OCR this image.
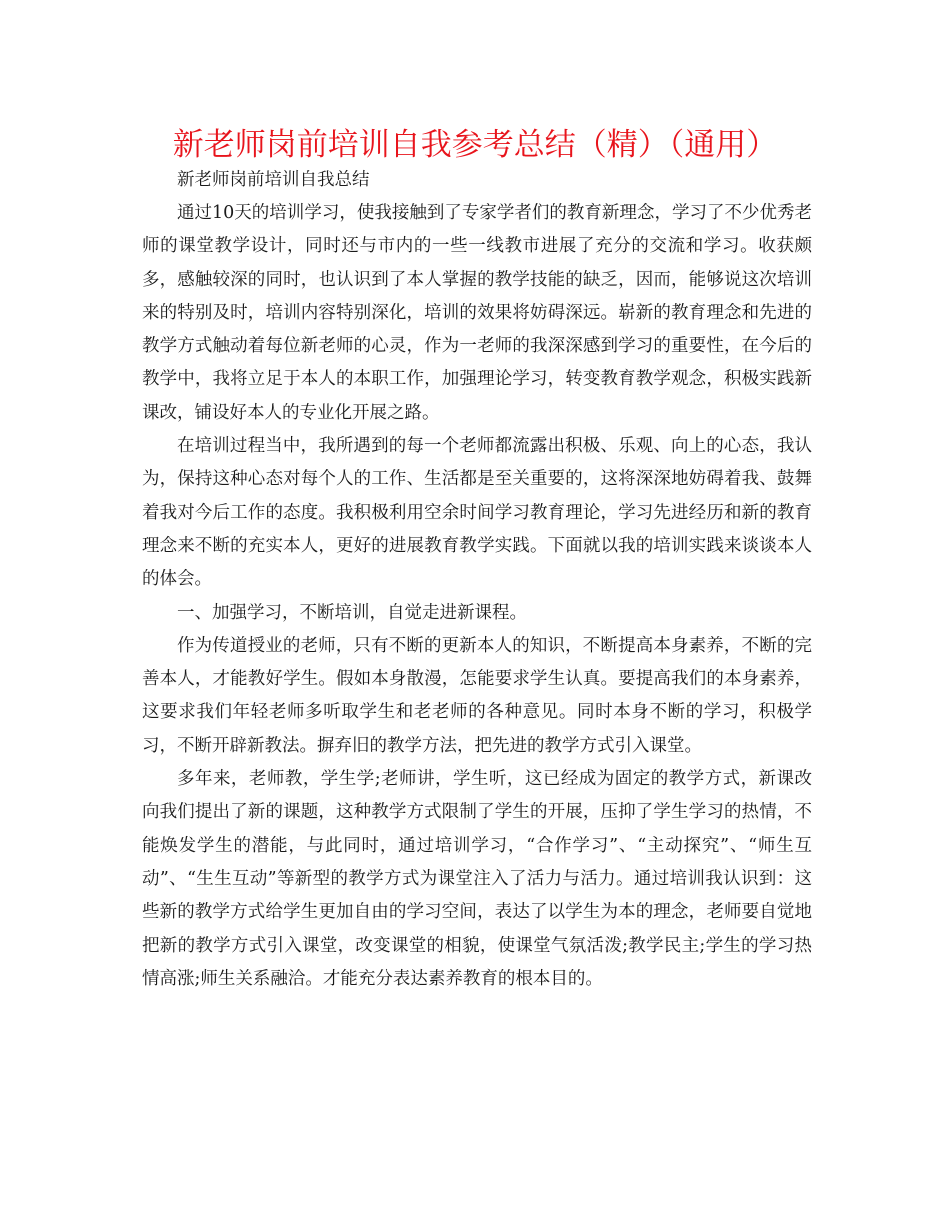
新老师岗前培训自我参考总结（精）（通用）

新老师岗前培训自我总结

通过10天的培训学习，使我接触到了专家学者们的教育新理念，学习了不少优秀老师的课堂教学设计，同时还与市内的一些一线教市进展了充分的交流和学习。收获颇多，感触较深的同时，也认识到了本人掌握的教学技能的缺乏，因而，能够说这次培训来的特别及时，培训内容特别深化，培训的效果将妨碍深远。崭新的教育理念和先进的教学方式触动着每位新老师的心灵，作为一老师的我深深感到学习的重要性，在今后的教学中，我将立足于本人的本职工作，加强理论学习，转变教育教学观念，积极实践新课改，铺设好本人的专业化开展之路。

在培训过程当中，我所遇到的每一个老师都流露出积极、乐观、向上的心态，我认为，保持这种心态对每个人的工作、生活都是至关重要的，这将深深地妨碍着我、鼓舞着我对今后工作的态度。我积极利用空余时间学习教育理论，学习先进经历和新的教育理念来不断的充实本人，更好的进展教育教学实践。下面就以我的培训实践来谈谈本人的体会。

一、加强学习，不断培训，自觉走进新课程。

作为传道授业的老师，只有不断的更新本人的知识，不断提高本身素养，不断的完善本人，才能教好学生。假如本身散漫，怎能要求学生认真。要提高我们的本身素养，这要求我们年轻老师多听取学生和老老师的各种意见。同时本身不断的学习，积极学习，不断开辟新教法。摒弃旧的教学方法，把先进的教学方式引入课堂。

多年来，老师教，学生学;老师讲，学生听，这已经成为固定的教学方式，新课改向我们提出了新的课题，这种教学方式限制了学生的开展，压抑了学生学习的热情，不能焕发学生的潜能，与此同时，通过培训学习，“合作学习”、“主动探究”、“师生互动”、“生生互动”等新型的教学方式为课堂注入了活力与活力。通过培训我认识到：这些新的教学方式给学生更加自由的学习空间，表达了以学生为本的理念，老师要自觉地把新的教学方式引入课堂，改变课堂的相貌，使课堂气氛活泼;教学民主;学生的学习热情高涨;师生关系融洽。才能充分表达素养教育的根本目的。
